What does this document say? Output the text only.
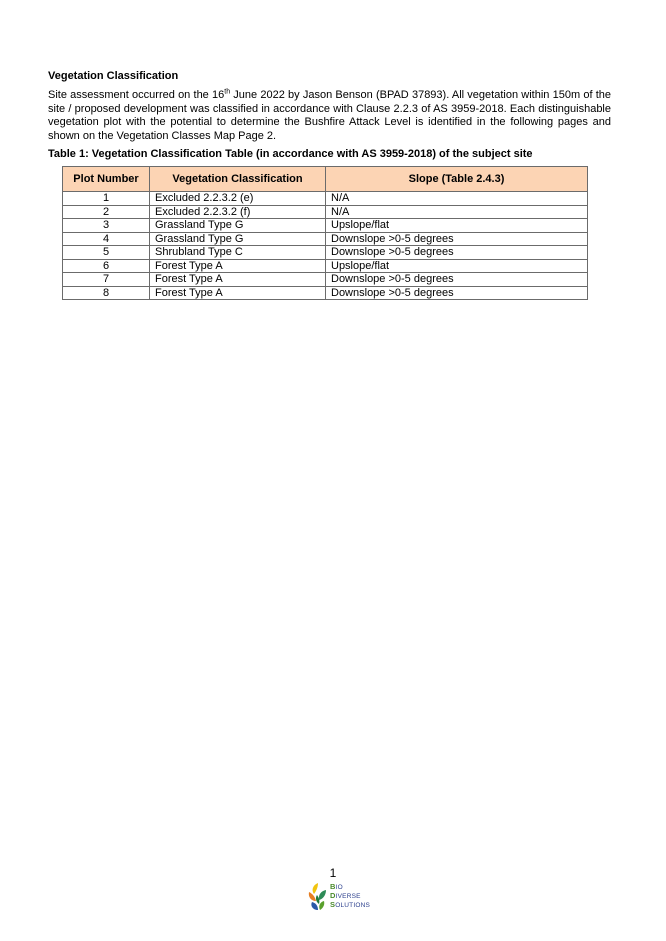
Vegetation Classification
Site assessment occurred on the 16th June 2022 by Jason Benson (BPAD 37893). All vegetation within 150m of the site / proposed development was classified in accordance with Clause 2.2.3 of AS 3959-2018. Each distinguishable vegetation plot with the potential to determine the Bushfire Attack Level is identified in the following pages and shown on the Vegetation Classes Map Page 2.
Table 1: Vegetation Classification Table (in accordance with AS 3959-2018) of the subject site
Plot Number	Vegetation Classification	Slope (Table 2.4.3)
1	Excluded 2.2.3.2 (e)	N/A
2	Excluded 2.2.3.2 (f)	N/A
3	Grassland Type G	Upslope/flat
4	Grassland Type G	Downslope >0-5 degrees
5	Shrubland Type C	Downslope >0-5 degrees
6	Forest Type A	Upslope/flat
7	Forest Type A	Downslope >0-5 degrees
8	Forest Type A	Downslope >0-5 degrees
1
BIO
DIVERSE
SOLUTIONS
